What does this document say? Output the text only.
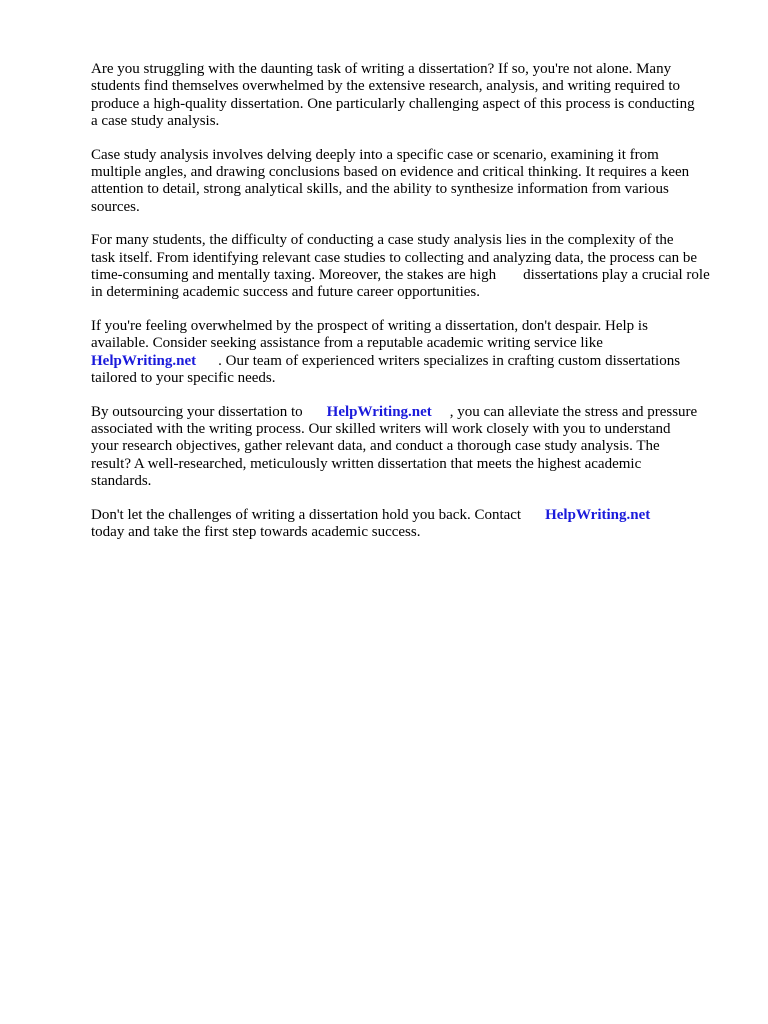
Are you struggling with the daunting task of writing a dissertation? If so, you're not alone. Many
students find themselves overwhelmed by the extensive research, analysis, and writing required to
produce a high-quality dissertation. One particularly challenging aspect of this process is conducting
a case study analysis.

Case study analysis involves delving deeply into a specific case or scenario, examining it from
multiple angles, and drawing conclusions based on evidence and critical thinking. It requires a keen
attention to detail, strong analytical skills, and the ability to synthesize information from various
sources.

For many students, the difficulty of conducting a case study analysis lies in the complexity of the
task itself. From identifying relevant case studies to collecting and analyzing data, the process can be
time-consuming and mentally taxing. Moreover, the stakes are high dissertations play a crucial role
in determining academic success and future career opportunities.

If you're feeling overwhelmed by the prospect of writing a dissertation, don't despair. Help is
available. Consider seeking assistance from a reputable academic writing service like
HelpWriting.net . Our team of experienced writers specializes in crafting custom dissertations
tailored to your specific needs.

By outsourcing your dissertation to HelpWriting.net , you can alleviate the stress and pressure
associated with the writing process. Our skilled writers will work closely with you to understand
your research objectives, gather relevant data, and conduct a thorough case study analysis. The
result? A well-researched, meticulously written dissertation that meets the highest academic
standards.

Don't let the challenges of writing a dissertation hold you back. Contact HelpWriting.net
today and take the first step towards academic success.
